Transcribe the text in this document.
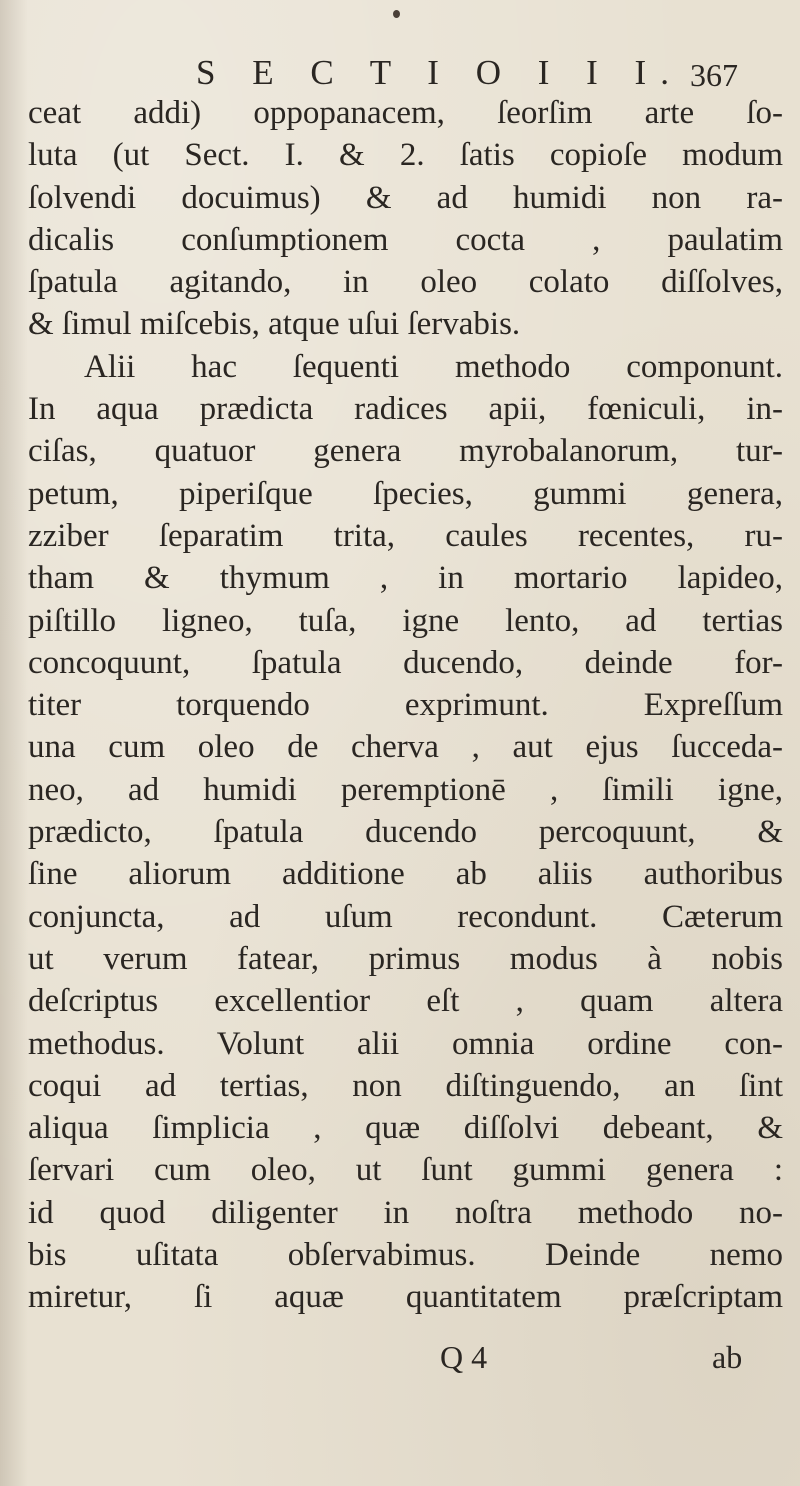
S E C T I O I I I. 367
ceat addi) oppopanacem, ſeorſim arte ſo-
luta (ut Sect. I. & 2. ſatis copioſe modum
ſolvendi docuimus) & ad humidi non ra-
dicalis conſumptionem cocta , paulatim
ſpatula agitando, in oleo colato diſſolves,
& ſimul miſcebis, atque uſui ſervabis.
Alii hac ſequenti methodo componunt.
In aqua prædicta radices apii, fœniculi, in-
ciſas, quatuor genera myrobalanorum, tur-
petum, piperiſque ſpecies, gummi genera,
zziber ſeparatim trita, caules recentes, ru-
tham & thymum , in mortario lapideo,
piſtillo ligneo, tuſa, igne lento, ad tertias
concoquunt, ſpatula ducendo, deinde for-
titer torquendo exprimunt. Expreſſum
una cum oleo de cherva , aut ejus ſucceda-
neo, ad humidi peremptionē , ſimili igne,
prædicto, ſpatula ducendo percoquunt, &
ſine aliorum additione ab aliis authoribus
conjuncta, ad uſum recondunt. Cæterum
ut verum fatear, primus modus à nobis
deſcriptus excellentior eſt , quam altera
methodus. Volunt alii omnia ordine con-
coqui ad tertias, non diſtinguendo, an ſint
aliqua ſimplicia , quæ diſſolvi debeant, &
ſervari cum oleo, ut ſunt gummi genera :
id quod diligenter in noſtra methodo no-
bis uſitata obſervabimus. Deinde nemo
miretur, ſi aquæ quantitatem præſcriptam
Q 4	ab
